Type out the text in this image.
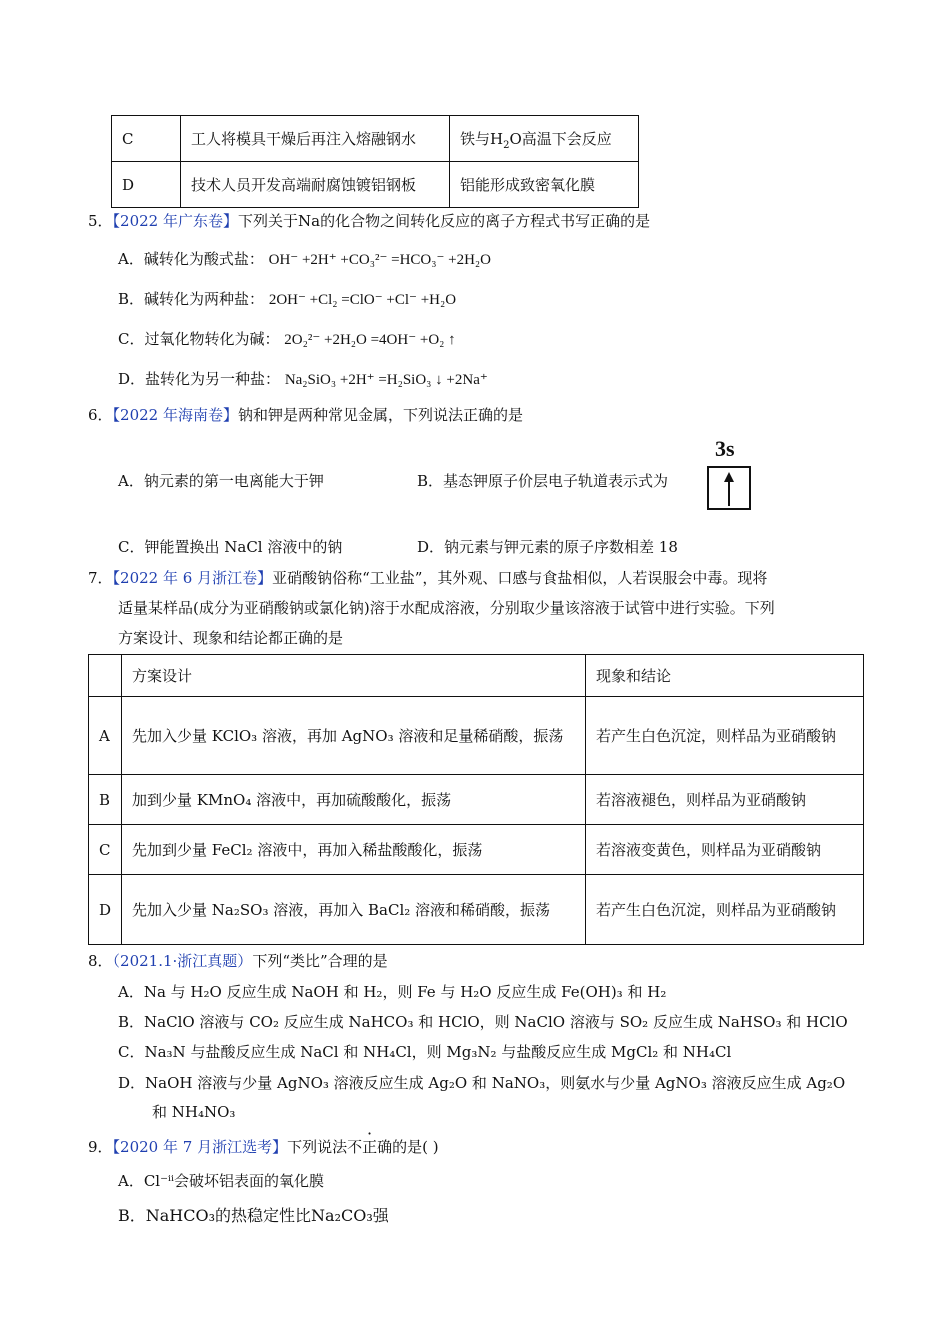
C	工人将模具干燥后再注入熔融钢水	铁与$H_2O$高温下会反应
D	技术人员开发高端耐腐蚀镀铝钢板	铝能形成致密氧化膜
5．【2022 年广东卷】下列关于Na的化合物之间转化反应的离子方程式书写正确的是
A．碱转化为酸式盐： OH⁻ +2H⁺ +CO₃²⁻ =HCO₃⁻ +2H₂O
B．碱转化为两种盐： 2OH⁻ +Cl₂ =ClO⁻ +Cl⁻ +H₂O
C．过氧化物转化为碱： 2O₂²⁻ +2H₂O =4OH⁻ +O₂ ↑
D．盐转化为另一种盐： Na₂SiO₃ +2H⁺ =H₂SiO₃ ↓ +2Na⁺
6．【2022 年海南卷】钠和钾是两种常见金属，下列说法正确的是
A．钠元素的第一电离能大于钾	B．基态钾原子价层电子轨道表示式为
3s
C．钾能置换出 NaCl 溶液中的钠	D．钠元素与钾元素的原子序数相差 18
7．【2022 年 6 月浙江卷】亚硝酸钠俗称“工业盐”，其外观、口感与食盐相似，人若误服会中毒。现将
适量某样品(成分为亚硝酸钠或氯化钠)溶于水配成溶液，分别取少量该溶液于试管中进行实验。下列
方案设计、现象和结论都正确的是
	方案设计	现象和结论
A	先加入少量 KClO₃ 溶液，再加 AgNO₃ 溶液和足量稀硝酸，振荡	若产生白色沉淀，则样品为亚硝酸钠

B	加到少量 KMnO₄ 溶液中，再加硫酸酸化，振荡	若溶液褪色，则样品为亚硝酸钠
C	先加到少量 FeCl₂ 溶液中，再加入稀盐酸酸化，振荡	若溶液变黄色，则样品为亚硝酸钠
D	先加入少量 Na₂SO₃ 溶液，再加入 BaCl₂ 溶液和稀硝酸，振荡	若产生白色沉淀，则样品为亚硝酸钠
8．（2021.1·浙江真题）下列“类比”合理的是
A．Na 与 H₂O 反应生成 NaOH 和 H₂，则 Fe 与 H₂O 反应生成 Fe(OH)₃ 和 H₂
B．NaClO 溶液与 CO₂ 反应生成 NaHCO₃ 和 HClO，则 NaClO 溶液与 SO₂ 反应生成 NaHSO₃ 和 HClO
C．Na₃N 与盐酸反应生成 NaCl 和 NH₄Cl，则 Mg₃N₂ 与盐酸反应生成 MgCl₂ 和 NH₄Cl
D．NaOH 溶液与少量 AgNO₃ 溶液反应生成 Ag₂O 和 NaNO₃，则氨水与少量 AgNO₃ 溶液反应生成 Ag₂O
和 NH₄NO₃
9．【2020 年 7 月浙江选考】下列说法不正确的是( )
A．Cl⁻ⁱⁱ会破坏铝表面的氧化膜
B．NaHCO₃的热稳定性比Na₂CO₃强
